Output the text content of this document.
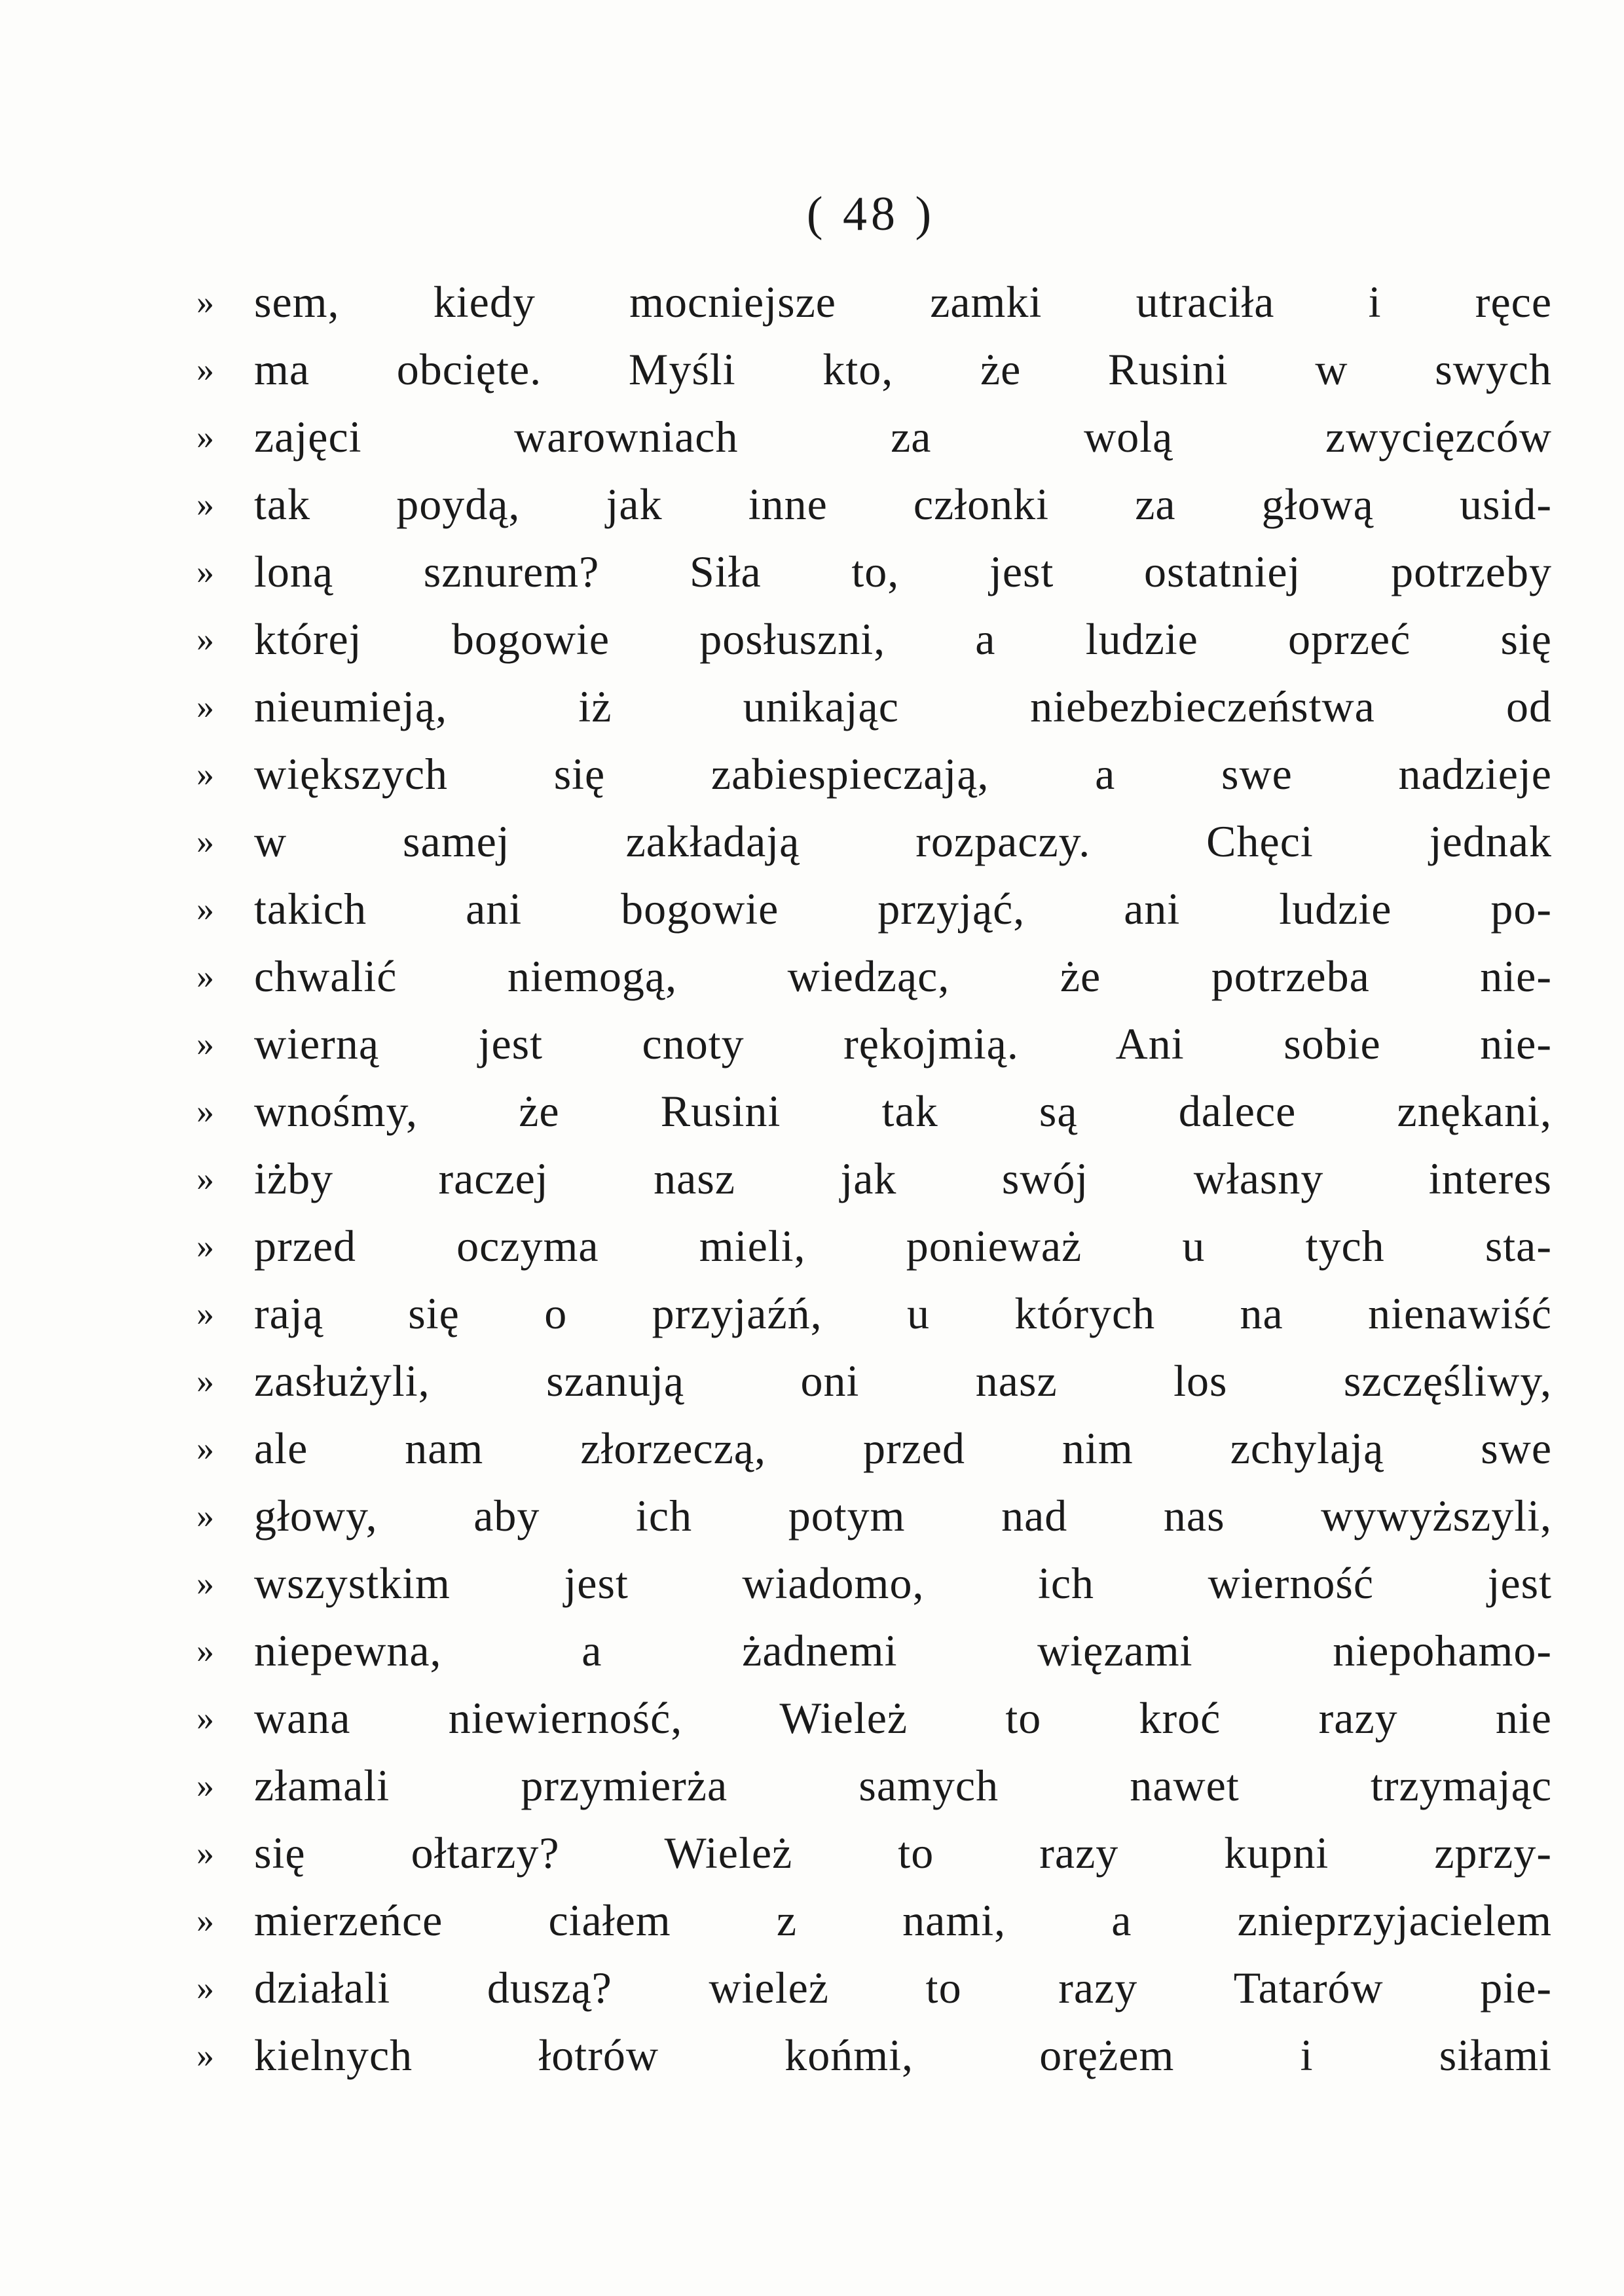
( 48 )
» sem, kiedy mocniejsze zamki utraciła i ręce
» ma obcięte. Myśli kto, że Rusini w swych
» zajęci warowniach za wolą zwycięzców
» tak poydą, jak inne członki za głową usid-
» loną sznurem? Siła to, jest ostatniej potrzeby
» której bogowie posłuszni, a ludzie oprzeć się
» nieumieją, iż unikając niebezbieczeństwa od
» większych się zabiespieczają, a swe nadzieje
» w samej zakładają rozpaczy. Chęci jednak
» takich ani bogowie przyjąć, ani ludzie po-
» chwalić niemogą, wiedząc, że potrzeba nie-
» wierną jest cnoty rękojmią. Ani sobie nie-
» wnośmy, że Rusini tak są dalece znękani,
» iżby raczej nasz jak swój własny interes
» przed oczyma mieli, ponieważ u tych sta-
» rają się o przyjaźń, u których na nienawiść
» zasłużyli, szanują oni nasz los szczęśliwy,
» ale nam złorzeczą, przed nim zchylają swe
» głowy, aby ich potym nad nas wywyższyli,
» wszystkim jest wiadomo, ich wierność jest
» niepewna, a żadnemi więzami niepohamo-
» wana niewierność, Wieleż to kroć razy nie
» złamali przymierża samych nawet trzymając
» się ołtarzy? Wieleż to razy kupni zprzy-
» mierzeńce ciałem z nami, a znieprzyjacielem
» działali duszą? wieleż to razy Tatarów pie-
» kielnych łotrów końmi, orężem i siłami
